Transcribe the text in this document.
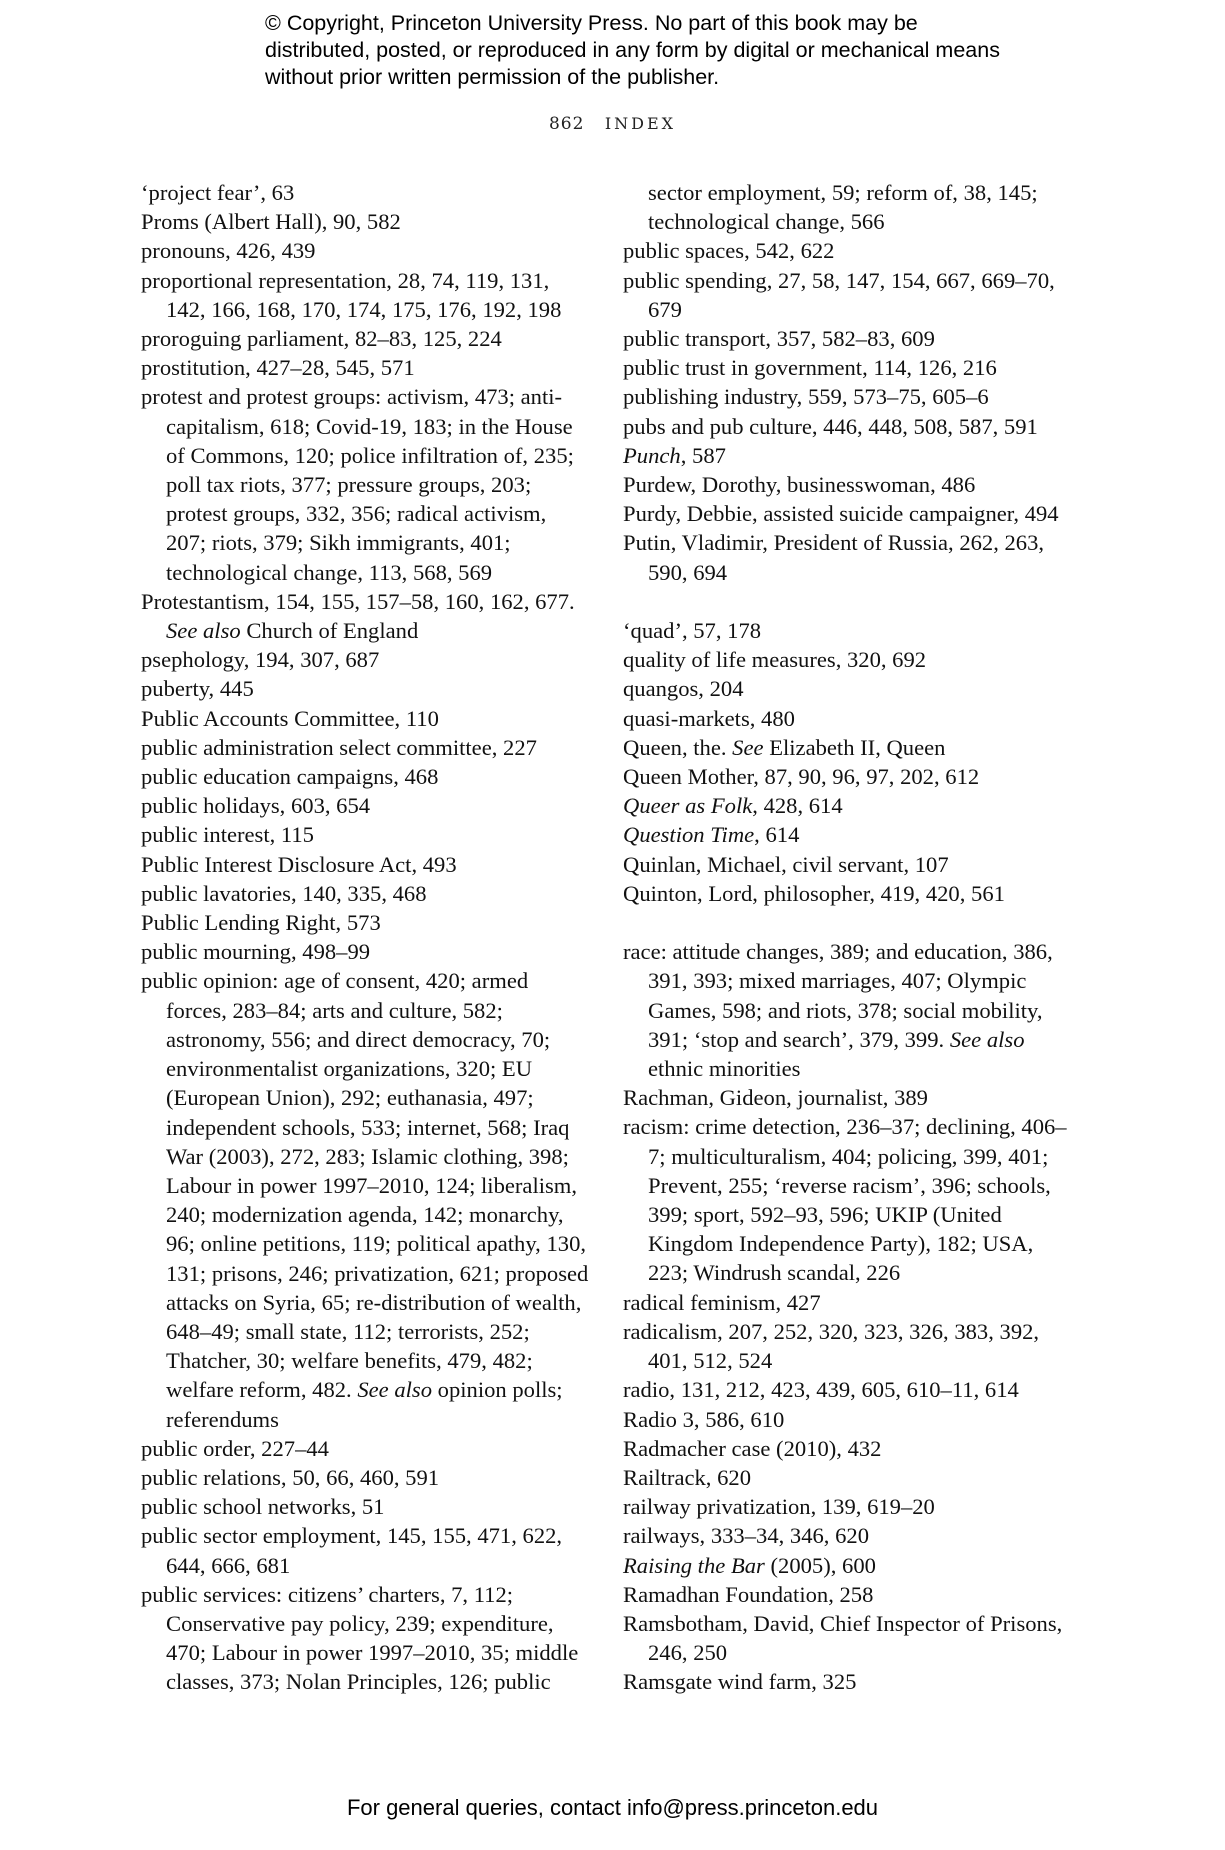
© Copyright, Princeton University Press. No part of this book may be distributed, posted, or reproduced in any form by digital or mechanical means without prior written permission of the publisher.

862 INDEX
‘project fear’, 63
Proms (Albert Hall), 90, 582
pronouns, 426, 439
proportional representation, 28, 74, 119, 131, 142, 166, 168, 170, 174, 175, 176, 192, 198
proroguing parliament, 82–83, 125, 224
prostitution, 427–28, 545, 571
protest and protest groups: activism, 473; anti-capitalism, 618; Covid-19, 183; in the House of Commons, 120; police infiltration of, 235; poll tax riots, 377; pressure groups, 203; protest groups, 332, 356; radical activism, 207; riots, 379; Sikh immigrants, 401; technological change, 113, 568, 569
Protestantism, 154, 155, 157–58, 160, 162, 677.
See also Church of England
psephology, 194, 307, 687
puberty, 445
Public Accounts Committee, 110
public administration select committee, 227
public education campaigns, 468
public holidays, 603, 654
public interest, 115
Public Interest Disclosure Act, 493
public lavatories, 140, 335, 468
Public Lending Right, 573
public mourning, 498–99
public opinion: age of consent, 420; armed forces, 283–84; arts and culture, 582; astronomy, 556; and direct democracy, 70; environmentalist organizations, 320; EU (European Union), 292; euthanasia, 497; independent schools, 533; internet, 568; Iraq War (2003), 272, 283; Islamic clothing, 398; Labour in power 1997–2010, 124; liberalism, 240; modernization agenda, 142; monarchy, 96; online petitions, 119; political apathy, 130, 131; prisons, 246; privatization, 621; proposed attacks on Syria, 65; re-distribution of wealth, 648–49; small state, 112; terrorists, 252; Thatcher, 30; welfare benefits, 479, 482; welfare reform, 482. See also opinion polls; referendums
public order, 227–44
public relations, 50, 66, 460, 591
public school networks, 51
public sector employment, 145, 155, 471, 622, 644, 666, 681
public services: citizens’ charters, 7, 112; Conservative pay policy, 239; expenditure, 470; Labour in power 1997–2010, 35; middle classes, 373; Nolan Principles, 126; public
sector employment, 59; reform of, 38, 145; technological change, 566
public spaces, 542, 622
public spending, 27, 58, 147, 154, 667, 669–70, 679
public transport, 357, 582–83, 609
public trust in government, 114, 126, 216
publishing industry, 559, 573–75, 605–6
pubs and pub culture, 446, 448, 508, 587, 591
Punch, 587
Purdew, Dorothy, businesswoman, 486
Purdy, Debbie, assisted suicide campaigner, 494
Putin, Vladimir, President of Russia, 262, 263, 590, 694
‘quad’, 57, 178
quality of life measures, 320, 692
quangos, 204
quasi-markets, 480
Queen, the. See Elizabeth II, Queen
Queen Mother, 87, 90, 96, 97, 202, 612
Queer as Folk, 428, 614
Question Time, 614
Quinlan, Michael, civil servant, 107
Quinton, Lord, philosopher, 419, 420, 561
race: attitude changes, 389; and education, 386, 391, 393; mixed marriages, 407; Olympic Games, 598; and riots, 378; social mobility, 391; ‘stop and search’, 379, 399. See also ethnic minorities
Rachman, Gideon, journalist, 389
racism: crime detection, 236–37; declining, 406–7; multiculturalism, 404; policing, 399, 401; Prevent, 255; ‘reverse racism’, 396; schools, 399; sport, 592–93, 596; UKIP (United Kingdom Independence Party), 182; USA, 223; Windrush scandal, 226
radical feminism, 427
radicalism, 207, 252, 320, 323, 326, 383, 392, 401, 512, 524
radio, 131, 212, 423, 439, 605, 610–11, 614
Radio 3, 586, 610
Radmacher case (2010), 432
Railtrack, 620
railway privatization, 139, 619–20
railways, 333–34, 346, 620
Raising the Bar (2005), 600
Ramadhan Foundation, 258
Ramsbotham, David, Chief Inspector of Prisons, 246, 250
Ramsgate wind farm, 325
For general queries, contact info@press.princeton.edu
